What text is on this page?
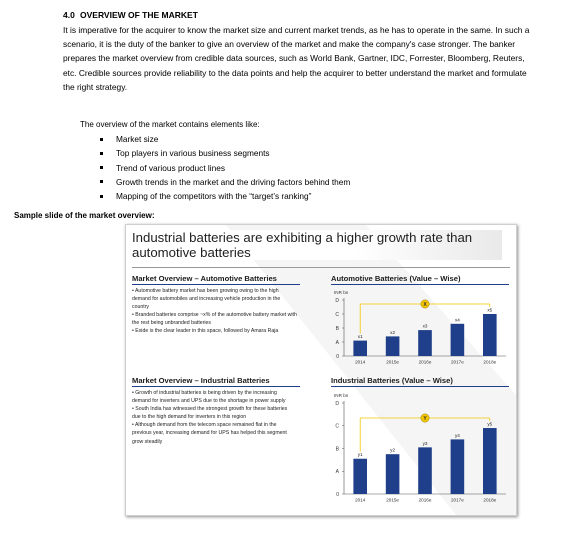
4.0 OVERVIEW OF THE MARKET
It is imperative for the acquirer to know the market size and current market trends, as he has to operate in the same. In such a scenario, it is the duty of the banker to give an overview of the market and make the company's case stronger. The banker prepares the market overview from credible data sources, such as World Bank, Gartner, IDC, Forrester, Bloomberg, Reuters, etc. Credible sources provide reliability to the data points and help the acquirer to better understand the market and formulate the right strategy.
The overview of the market contains elements like:
Market size
Top players in various business segments
Trend of various product lines
Growth trends in the market and the driving factors behind them
Mapping of the competitors with the “target’s ranking”
Sample slide of the market overview:
Industrial batteries are exhibiting a higher growth rate than automotive batteries
Market Overview – Automotive Batteries

• Automotive battery market has been growing owing to the high demand for automobiles and increasing vehicle production in the country

• Branded batteries comprise ~x% of the automotive battery market with the rest being unbranded batteries

• Exide is the clear leader in this space, followed by Amara Raja

Market Overview – Industrial Batteries

• Growth of industrial batteries is being driven by the increasing demand for inverters and UPS due to the shortage in power supply

• South India has witnessed the strongest growth for these batteries due to the high demand for inverters in this region

• Although demand from the telecom space remained flat in the previous year, increasing demand for UPS has helped this segment grow steadily

Automotive Batteries (Value – Wise)
INR bn
0
A
B
C
D
x1
2014
x2
2015e
x3
2016e
x4
2017e
x5
2018e
X
Industrial Batteries (Value – Wise)
INR bn
0
A
B
C
D
y1
2014
y2
2015e
y3
2016e
y4
2017e
y5
2018e
Y
